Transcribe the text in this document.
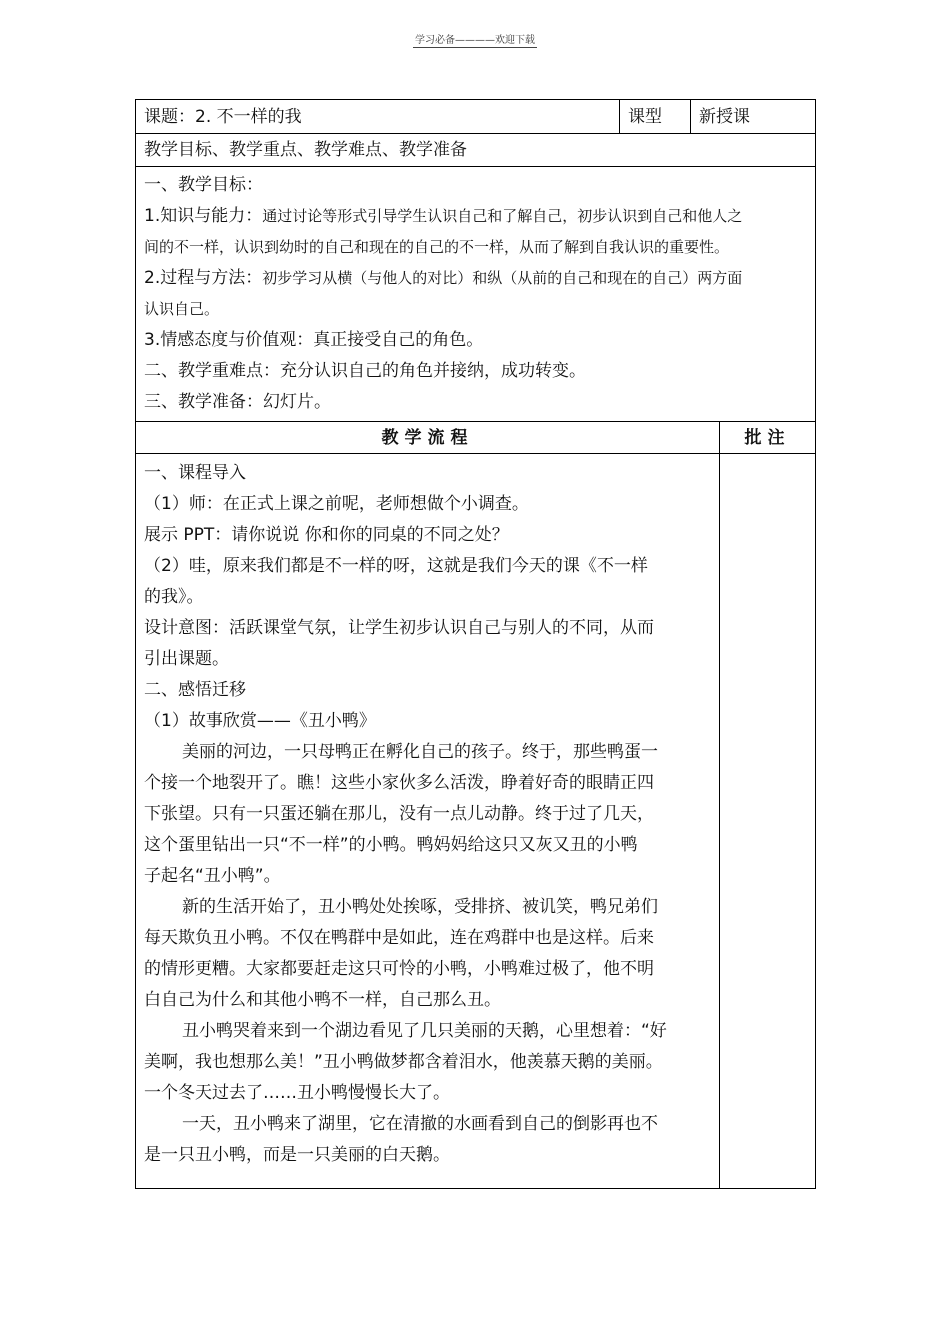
学习必备————欢迎下载
课题：2. 不一样的我	课型	新授课
教学目标、教学重点、教学难点、教学准备
一、教学目标：
1.知识与能力：通过讨论等形式引导学生认识自己和了解自己，初步认识到自己和他人之
间的不一样，认识到幼时的自己和现在的自己的不一样，从而了解到自我认识的重要性。
2.过程与方法：初步学习从横（与他人的对比）和纵（从前的自己和现在的自己）两方面
认识自己。
3.情感态度与价值观：真正接受自己的角色。
二、教学重难点：充分认识自己的角色并接纳，成功转变。
三、教学准备：幻灯片。
教学流程	批注
一、课程导入
（1）师：在正式上课之前呢，老师想做个小调查。
展示 PPT：请你说说 你和你的同桌的不同之处？
（2）哇，原来我们都是不一样的呀，这就是我们今天的课《不一样
的我》。
设计意图：活跃课堂气氛，让学生初步认识自己与别人的不同，从而
引出课题。
二、感悟迁移
（1）故事欣赏——《丑小鸭》
美丽的河边，一只母鸭正在孵化自己的孩子。终于，那些鸭蛋一
个接一个地裂开了。瞧！这些小家伙多么活泼，睁着好奇的眼睛正四
下张望。只有一只蛋还躺在那儿，没有一点儿动静。终于过了几天，
这个蛋里钻出一只“不一样”的小鸭。鸭妈妈给这只又灰又丑的小鸭
子起名“丑小鸭”。
新的生活开始了，丑小鸭处处挨啄，受排挤、被讥笑，鸭兄弟们
每天欺负丑小鸭。不仅在鸭群中是如此，连在鸡群中也是这样。后来
的情形更糟。大家都要赶走这只可怜的小鸭，小鸭难过极了，他不明
白自己为什么和其他小鸭不一样，自己那么丑。
丑小鸭哭着来到一个湖边看见了几只美丽的天鹅，心里想着：“好
美啊，我也想那么美！”丑小鸭做梦都含着泪水，他羡慕天鹅的美丽。
一个冬天过去了……丑小鸭慢慢长大了。
一天，丑小鸭来了湖里，它在清撤的水画看到自己的倒影再也不
是一只丑小鸭，而是一只美丽的白天鹅。
